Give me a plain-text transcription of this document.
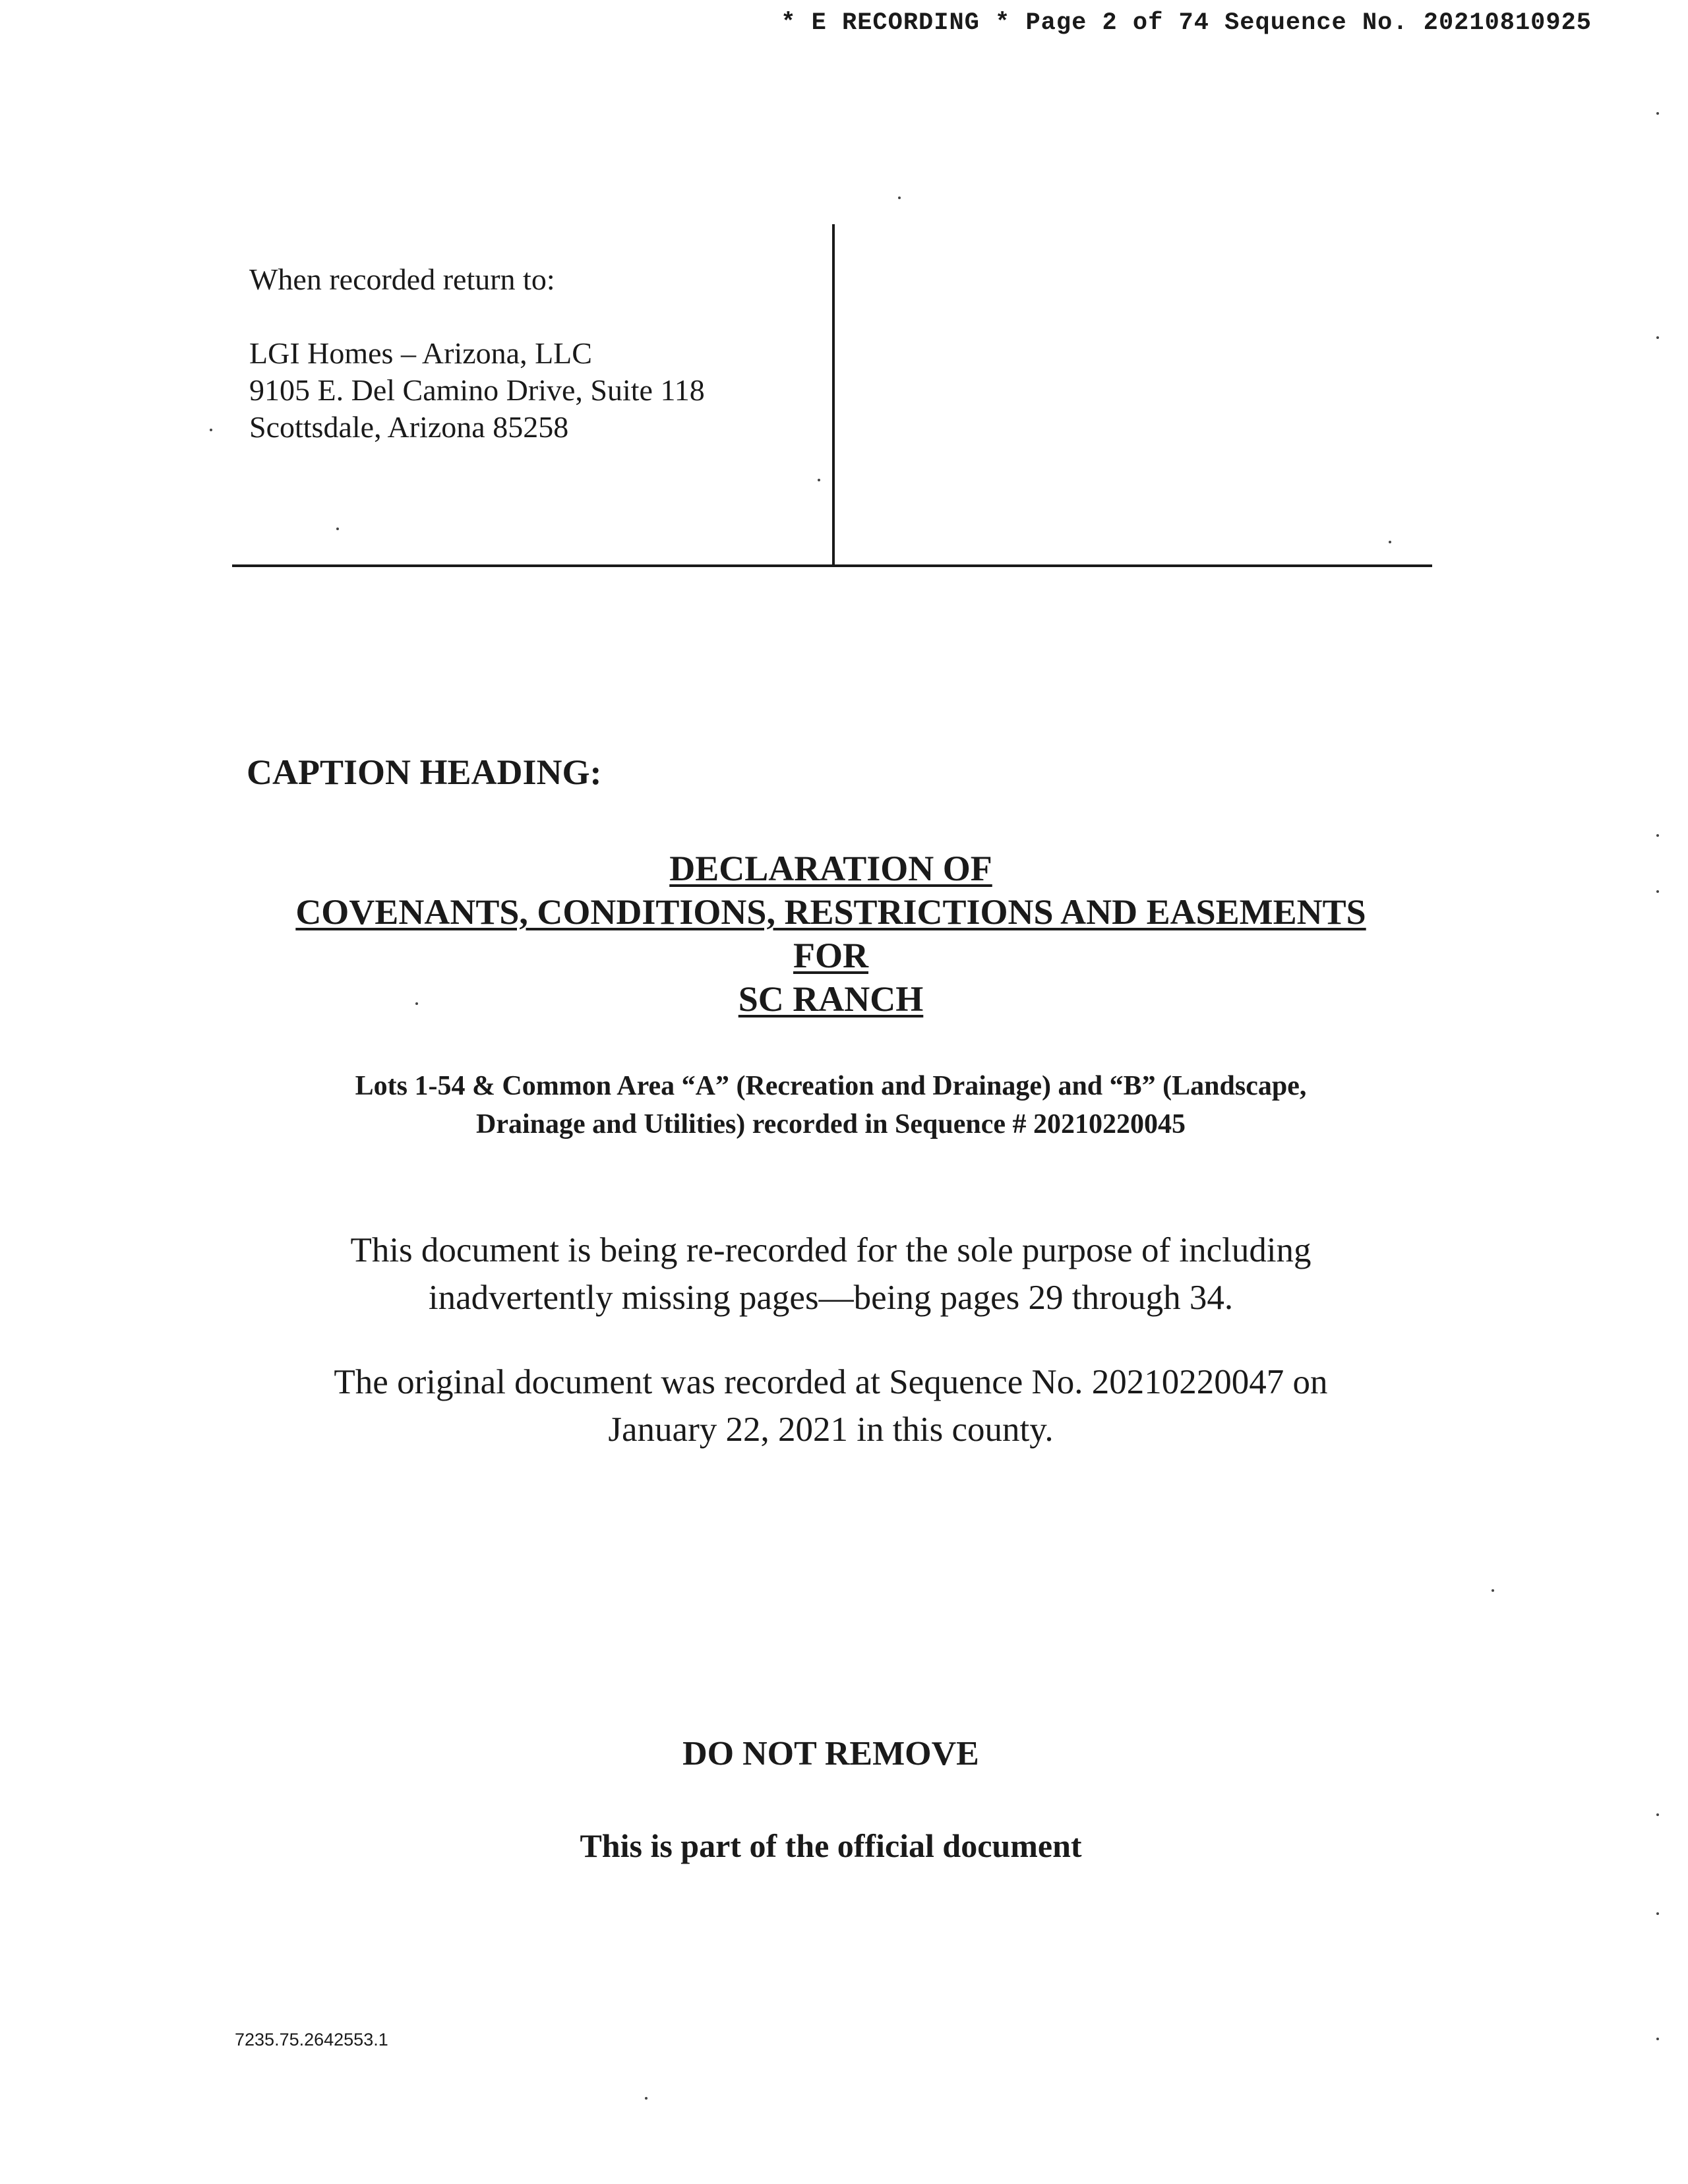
* E RECORDING * Page 2 of 74 Sequence No. 20210810925
When recorded return to:
LGI Homes – Arizona, LLC
9105 E. Del Camino Drive, Suite 118
Scottsdale, Arizona 85258
CAPTION HEADING:
DECLARATION OF
COVENANTS, CONDITIONS, RESTRICTIONS AND EASEMENTS
FOR
SC RANCH
Lots 1-54 & Common Area “A” (Recreation and Drainage) and “B” (Landscape,
Drainage and Utilities) recorded in Sequence # 20210220045
This document is being re-recorded for the sole purpose of including
inadvertently missing pages—being pages 29 through 34.
The original document was recorded at Sequence No. 20210220047 on
January 22, 2021 in this county.
DO NOT REMOVE
This is part of the official document
7235.75.2642553.1
